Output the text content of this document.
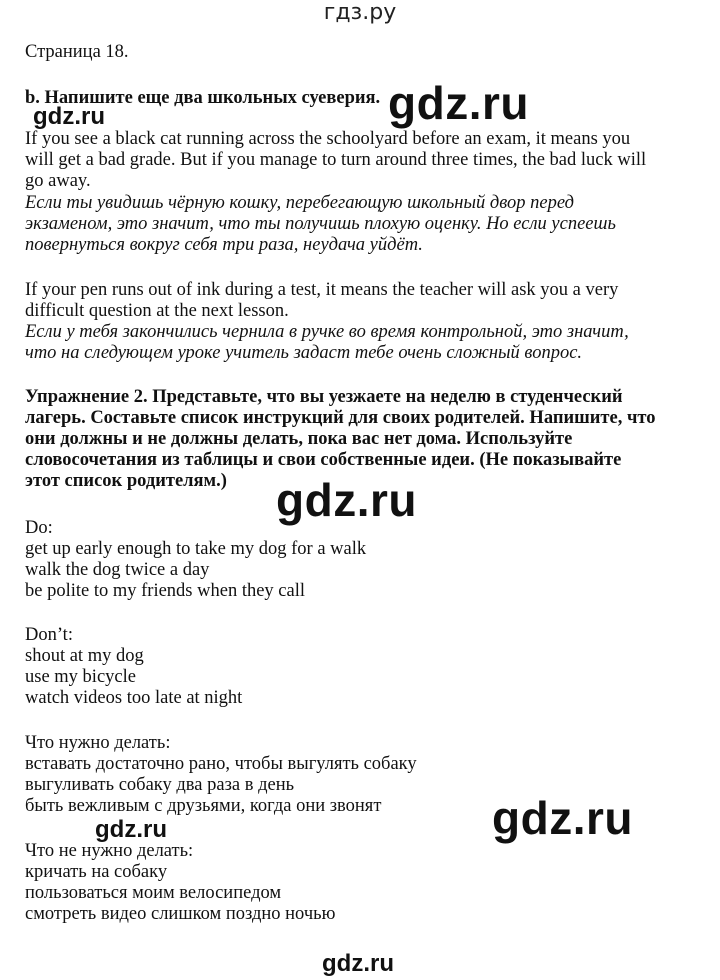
гдз.ру
Страница 18.
b. Напишите еще два школьных суеверия. gdz.ru
gdz.ru
gdz.ru
gdz.ru
gdz.ru
gdz.ru
If you see a black cat running across the schoolyard before an exam, it means you
will get a bad grade. But if you manage to turn around three times, the bad luck will
go away.
Если ты увидишь чёрную кошку, перебегающую школьный двор перед
экзаменом, это значит, что ты получишь плохую оценку. Но если успеешь
повернуться вокруг себя три раза, неудача уйдёт.
If your pen runs out of ink during a test, it means the teacher will ask you a very
difficult question at the next lesson.
Если у тебя закончились чернила в ручке во время контрольной, это значит,
что на следующем уроке учитель задаст тебе очень сложный вопрос.
Упражнение 2. Представьте, что вы уезжаете на неделю в студенческий
лагерь. Составьте список инструкций для своих родителей. Напишите, что
они должны и не должны делать, пока вас нет дома. Используйте
словосочетания из таблицы и свои собственные идеи. (Не показывайте
этот список родителям.)
Do:
get up early enough to take my dog for a walk
walk the dog twice a day
be polite to my friends when they call
Don’t:
shout at my dog
use my bicycle
watch videos too late at night
Что нужно делать:
вставать достаточно рано, чтобы выгулять собаку
выгуливать собаку два раза в день
быть вежливым с друзьями, когда они звонят
Что не нужно делать:
кричать на собаку
пользоваться моим велосипедом
смотреть видео слишком поздно ночью
